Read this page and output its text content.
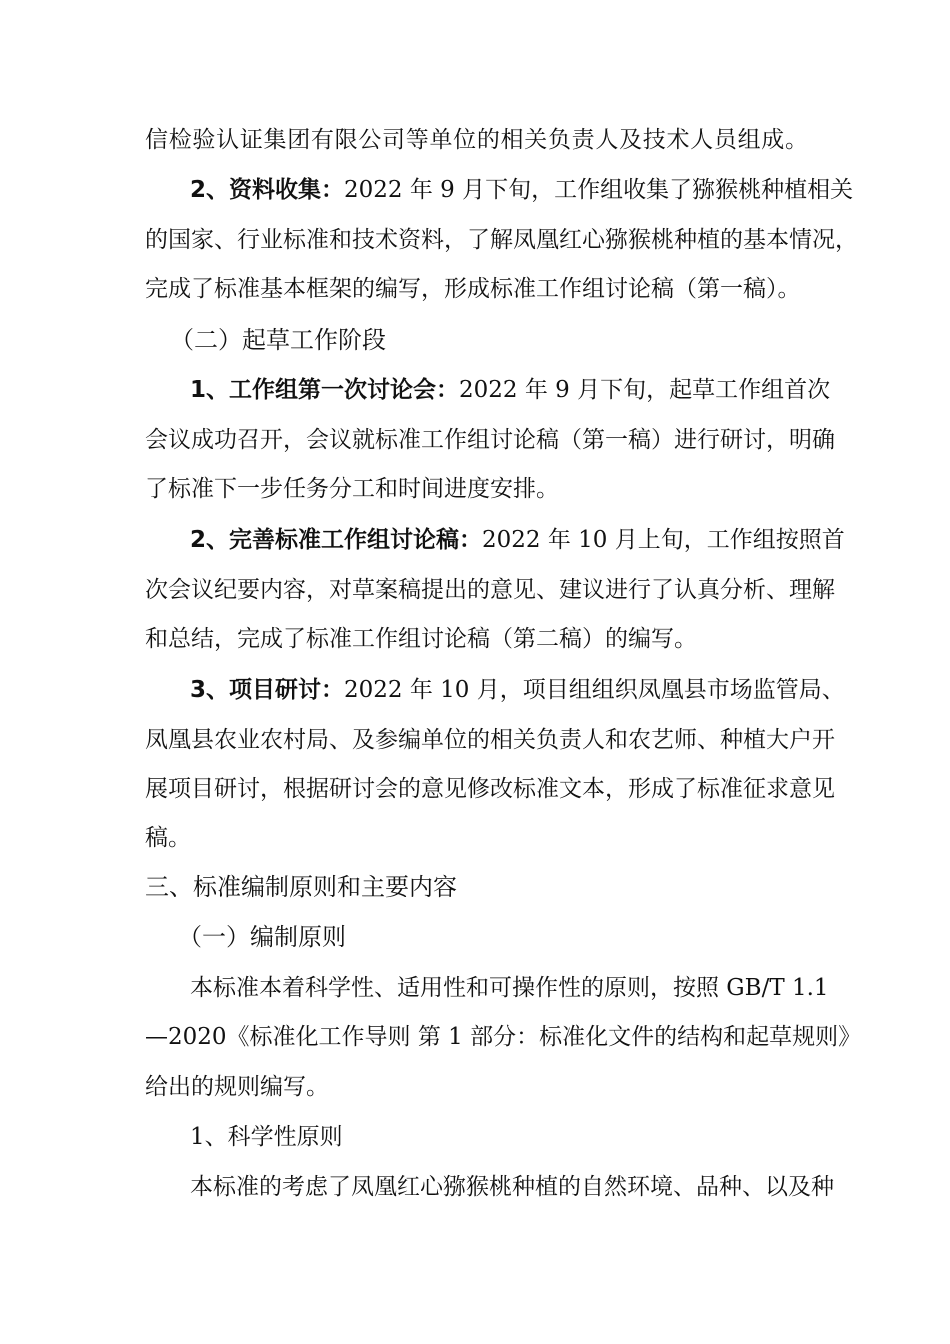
信检验认证集团有限公司等单位的相关负责人及技术人员组成。
2、资料收集：2022 年 9 月下旬，工作组收集了猕猴桃种植相关
的国家、行业标准和技术资料，了解凤凰红心猕猴桃种植的基本情况，
完成了标准基本框架的编写，形成标准工作组讨论稿（第一稿）。
（二）起草工作阶段
1、工作组第一次讨论会：2022 年 9 月下旬，起草工作组首次
会议成功召开，会议就标准工作组讨论稿（第一稿）进行研讨，明确
了标准下一步任务分工和时间进度安排。
2、完善标准工作组讨论稿：2022 年 10 月上旬，工作组按照首
次会议纪要内容，对草案稿提出的意见、建议进行了认真分析、理解
和总结，完成了标准工作组讨论稿（第二稿）的编写。
3、项目研讨：2022 年 10 月，项目组组织凤凰县市场监管局、
凤凰县农业农村局、及参编单位的相关负责人和农艺师、种植大户开
展项目研讨，根据研讨会的意见修改标准文本，形成了标准征求意见
稿。
三、标准编制原则和主要内容
（一）编制原则
本标准本着科学性、适用性和可操作性的原则，按照 GB/T 1.1
—2020《标准化工作导则 第 1 部分：标准化文件的结构和起草规则》
给出的规则编写。
1、科学性原则
本标准的考虑了凤凰红心猕猴桃种植的自然环境、品种、以及种
